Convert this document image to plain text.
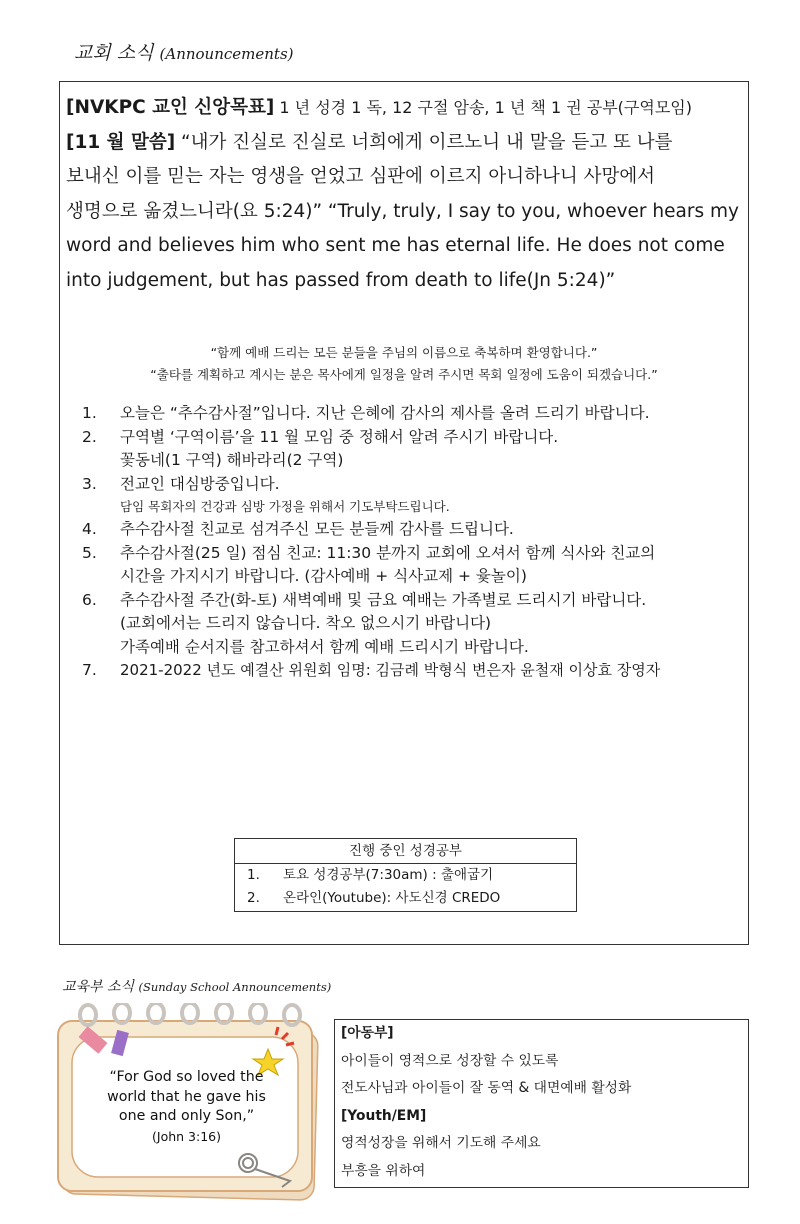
교회 소식 (Announcements)

[NVKPC 교인 신앙목표] 1 년 성경 1 독, 12 구절 암송, 1 년 책 1 권 공부(구역모임)

[11 월 말씀] “내가 진실로 진실로 너희에게 이르노니 내 말을 듣고 또 나를

보내신 이를 믿는 자는 영생을 얻었고 심판에 이르지 아니하나니 사망에서

생명으로 옮겼느니라(요 5:24)” “Truly, truly, I say to you, whoever hears my

word and believes him who sent me has eternal life. He does not come

into judgement, but has passed from death to life(Jn 5:24)”

“함께 예배 드리는 모든 분들을 주님의 이름으로 축복하며 환영합니다.”
“출타를 계획하고 계시는 분은 목사에게 일정을 알려 주시면 목회 일정에 도움이 되겠습니다.”
1. 오늘은 “추수감사절”입니다. 지난 은혜에 감사의 제사를 올려 드리기 바랍니다.
2. 구역별 ‘구역이름’을 11 월 모임 중 정해서 알려 주시기 바랍니다.
꽃동네(1 구역) 해바라리(2 구역)
3. 전교인 대심방중입니다.
담임 목회자의 건강과 심방 가정을 위해서 기도부탁드립니다.
4. 추수감사절 친교로 섬겨주신 모든 분들께 감사를 드립니다.
5. 추수감사절(25 일) 점심 친교: 11:30 분까지 교회에 오셔서 함께 식사와 친교의
시간을 가지시기 바랍니다. (감사예배 + 식사교제 + 윷놀이)
6. 추수감사절 주간(화-토) 새벽예배 및 금요 예배는 가족별로 드리시기 바랍니다.
(교회에서는 드리지 않습니다. 착오 없으시기 바랍니다)
가족예배 순서지를 참고하셔서 함께 예배 드리시기 바랍니다.
7. 2021-2022 년도 예결산 위원회 임명: 김금례 박형식 변은자 윤철재 이상효 장영자
진행 중인 성경공부
1. 토요 성경공부(7:30am) : 출애굽기
2. 온라인(Youtube): 사도신경 CREDO
교육부 소식 (Sunday School Announcements)
“For God so loved the
world that he gave his
one and only Son,”
(John 3:16)
[아동부]
아이들이 영적으로 성장할 수 있도록
전도사님과 아이들이 잘 동역 & 대면예배 활성화
[Youth/EM]
영적성장을 위해서 기도해 주세요
부흥을 위하여
